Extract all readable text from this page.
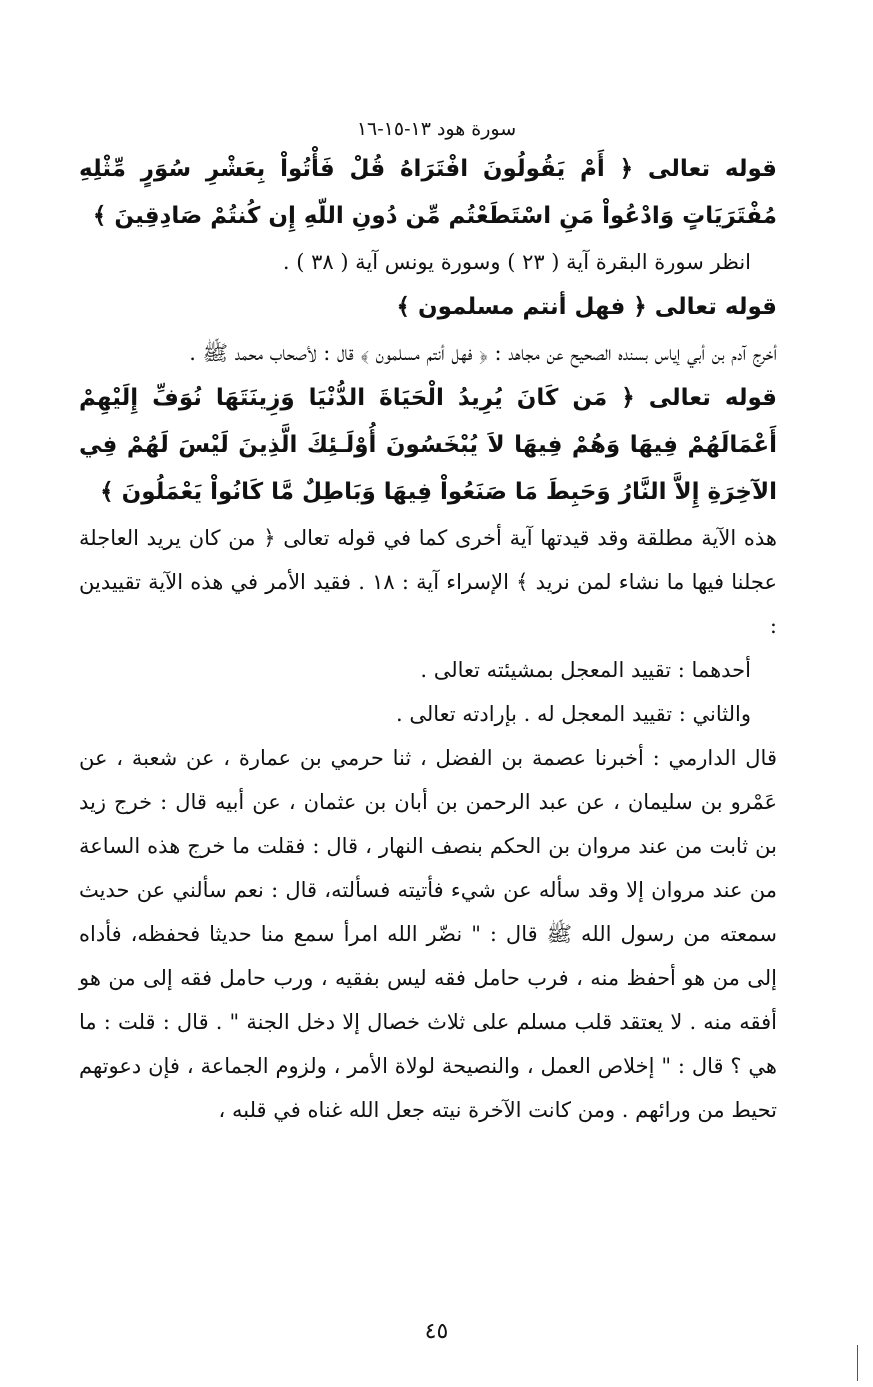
سورة هود ١٣-١٥-١٦

قوله تعالى ﴿ أَمْ يَقُولُونَ افْتَرَاهُ قُلْ فَأْتُواْ بِعَشْرِ سُوَرٍ مِّثْلِهِ مُفْتَرَيَاتٍ وَادْعُواْ مَنِ اسْتَطَعْتُم مِّن دُونِ اللّهِ إِن كُنتُمْ صَادِقِينَ ﴾

انظر سورة البقرة آية ( ٢٣ ) وسورة يونس آية ( ٣٨ ) .

قوله تعالى ﴿ فهل أنتم مسلمون ﴾

أخرج آدم بن أبي إياس بسنده الصحيح عن مجاهد : ﴿ فهل أنتم مسلمون ﴾ قال : لأصحاب محمد ﷺ .

قوله تعالى ﴿ مَن كَانَ يُرِيدُ الْحَيَاةَ الدُّنْيَا وَزِينَتَهَا نُوَفِّ إِلَيْهِمْ أَعْمَالَهُمْ فِيهَا وَهُمْ فِيهَا لاَ يُبْخَسُونَ أُوْلَـئِكَ الَّذِينَ لَيْسَ لَهُمْ فِي الآخِرَةِ إِلاَّ النَّارُ وَحَبِطَ مَا صَنَعُواْ فِيهَا وَبَاطِلٌ مَّا كَانُواْ يَعْمَلُونَ ﴾

هذه الآية مطلقة وقد قيدتها آية أخرى كما في قوله تعالى ﴿ من كان يريد العاجلة عجلنا فيها ما نشاء لمن نريد ﴾ الإسراء آية : ١٨ . فقيد الأمر في هذه الآية تقييدين :

أحدهما : تقييد المعجل بمشيئته تعالى .

والثاني : تقييد المعجل له . بإرادته تعالى .

قال الدارمي : أخبرنا عصمة بن الفضل ، ثنا حرمي بن عمارة ، عن شعبة ، عن عَمْرو بن سليمان ، عن عبد الرحمن بن أبان بن عثمان ، عن أبيه قال : خرج زيد بن ثابت من عند مروان بن الحكم بنصف النهار ، قال : فقلت ما خرج هذه الساعة من عند مروان إلا وقد سأله عن شيء فأتيته فسألته، قال : نعم سألني عن حديث سمعته من رسول الله ﷺ قال : " نضّر الله امرأ سمع منا حديثا فحفظه، فأداه إلى من هو أحفظ منه ، فرب حامل فقه ليس بفقيه ، ورب حامل فقه إلى من هو أفقه منه . لا يعتقد قلب مسلم على ثلاث خصال إلا دخل الجنة " . قال : قلت : ما هي ؟ قال : " إخلاص العمل ، والنصيحة لولاة الأمر ، ولزوم الجماعة ، فإن دعوتهم تحيط من ورائهم . ومن كانت الآخرة نيته جعل الله غناه في قلبه ،

٤٥
